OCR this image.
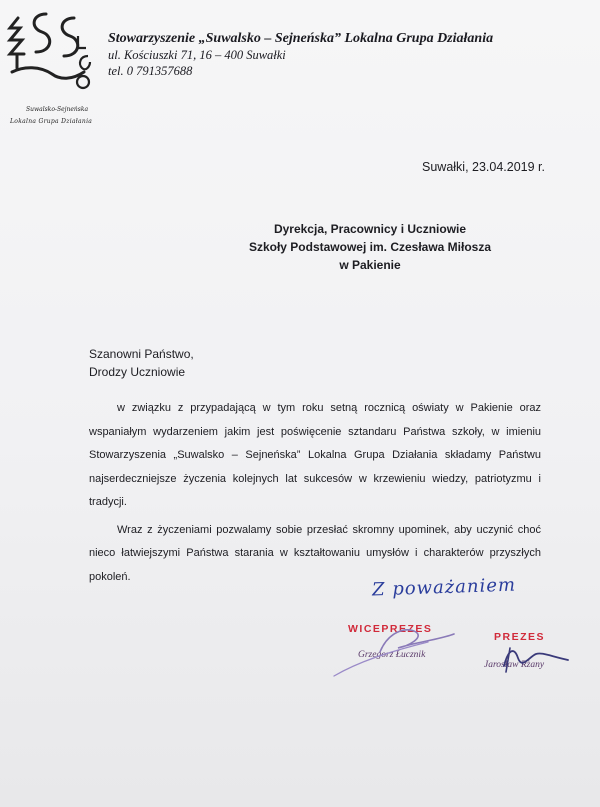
Suwalsko-Sejneńska
Lokalna Grupa Działania
Stowarzyszenie „Suwalsko – Sejneńska” Lokalna Grupa Działania
ul. Kościuszki 71, 16 – 400 Suwałki
tel. 0 791357688
Suwałki, 23.04.2019 r.
Dyrekcja, Pracownicy i Uczniowie
Szkoły Podstawowej im. Czesława Miłosza
w Pakienie
Szanowni Państwo,
Drodzy Uczniowie

w związku z przypadającą w tym roku setną rocznicą oświaty w Pakienie oraz wspaniałym wydarzeniem jakim jest poświęcenie sztandaru Państwa szkoły, w imieniu Stowarzyszenia „Suwalsko – Sejneńska” Lokalna Grupa Działania składamy Państwu najserdeczniejsze życzenia kolejnych lat sukcesów w krzewieniu wiedzy, patriotyzmu i tradycji.

Wraz z życzeniami pozwalamy sobie przesłać skromny upominek, aby uczynić choć nieco łatwiejszymi Państwa starania w kształtowaniu umysłów i charakterów przyszłych pokoleń.	Z poważaniem
WICEPREZES
Grzegorz Łucznik
PREZES
Jarosław Rżany
